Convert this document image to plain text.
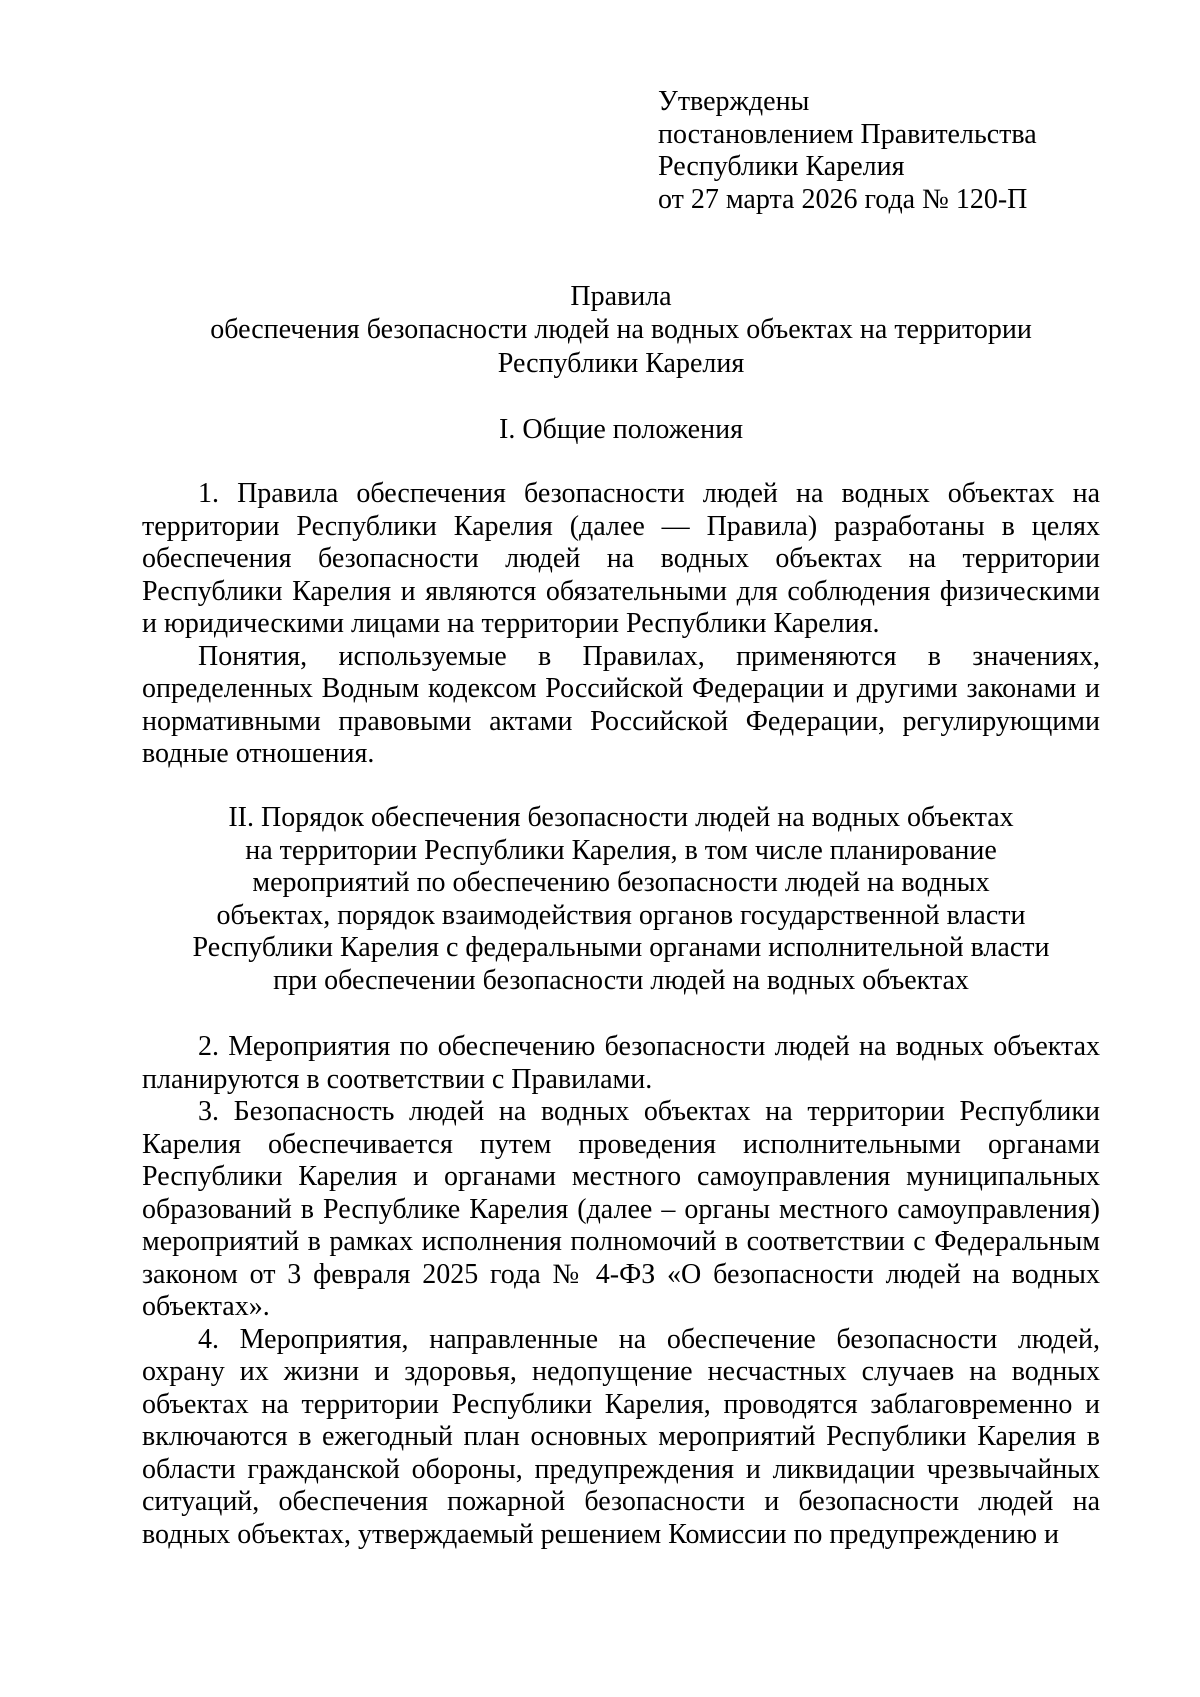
Утверждены
постановлением Правительства
Республики Карелия
от 27 марта 2026 года № 120-П
Правила
обеспечения безопасности людей на водных объектах на территории
Республики Карелия
I. Общие положения

1. Правила обеспечения безопасности людей на водных объектах на территории Республики Карелия (далее — Правила) разработаны в целях обеспечения безопасности людей на водных объектах на территории Республики Карелия и являются обязательными для соблюдения физическими и юридическими лицами на территории Республики Карелия.

Понятия, используемые в Правилах, применяются в значениях, определенных Водным кодексом Российской Федерации и другими законами и нормативными правовыми актами Российской Федерации, регулирующими водные отношения.

II. Порядок обеспечения безопасности людей на водных объектах
на территории Республики Карелия, в том числе планирование
мероприятий по обеспечению безопасности людей на водных
объектах, порядок взаимодействия органов государственной власти
Республики Карелия с федеральными органами исполнительной власти
при обеспечении безопасности людей на водных объектах

2. Мероприятия по обеспечению безопасности людей на водных объектах планируются в соответствии с Правилами.

3. Безопасность людей на водных объектах на территории Республики Карелия обеспечивается путем проведения исполнительными органами Республики Карелия и органами местного самоуправления муниципальных образований в Республике Карелия (далее – органы местного самоуправления) мероприятий в рамках исполнения полномочий в соответствии с Федеральным законом от 3 февраля 2025 года № 4-ФЗ «О безопасности людей на водных объектах».

4. Мероприятия, направленные на обеспечение безопасности людей, охрану их жизни и здоровья, недопущение несчастных случаев на водных объектах на территории Республики Карелия, проводятся заблаговременно и включаются в ежегодный план основных мероприятий Республики Карелия в области гражданской обороны, предупреждения и ликвидации чрезвычайных ситуаций, обеспечения пожарной безопасности и безопасности людей на водных объектах, утверждаемый решением Комиссии по предупреждению и
